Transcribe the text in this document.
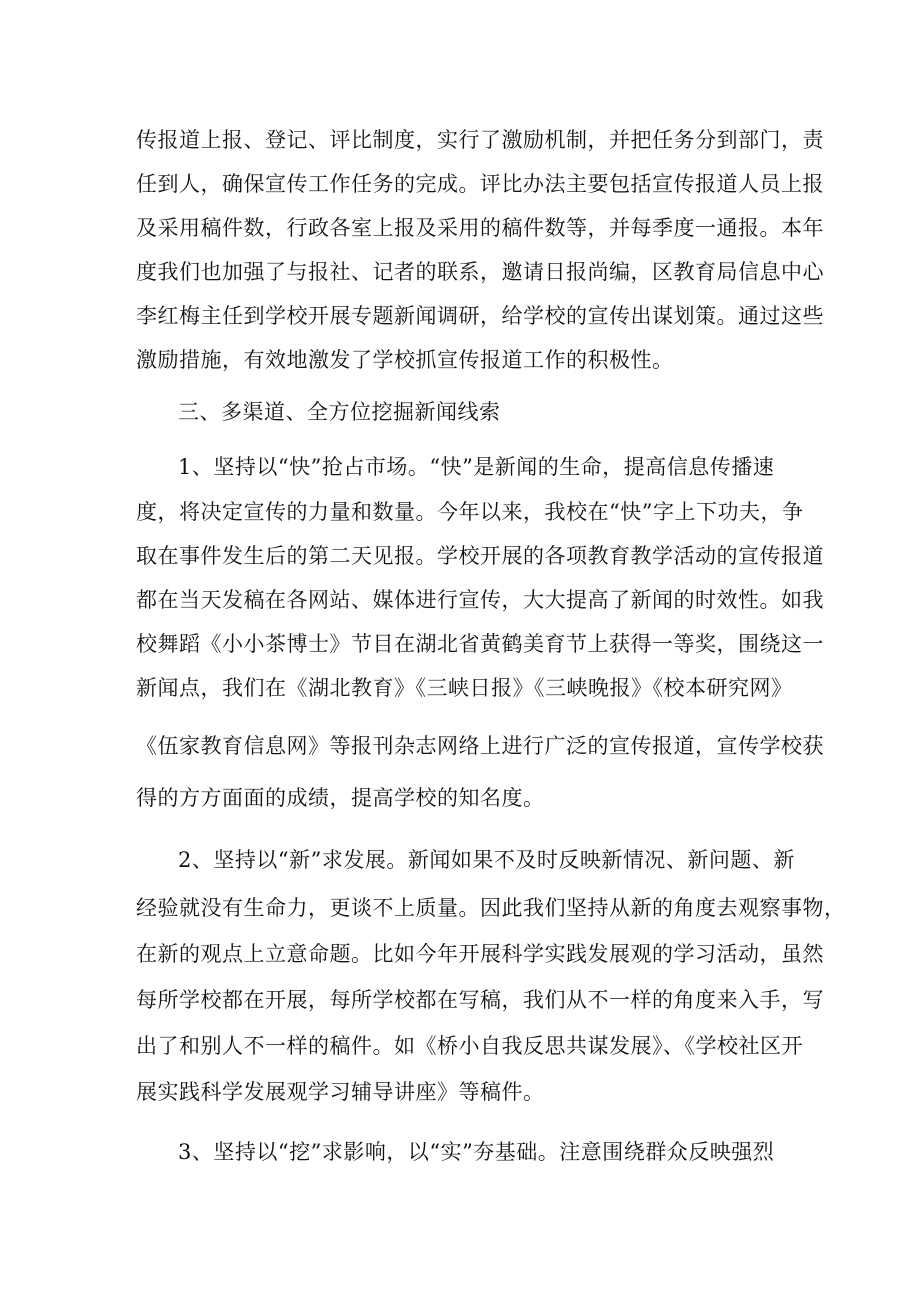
传报道上报、登记、评比制度，实行了激励机制，并把任务分到部门，责
任到人，确保宣传工作任务的完成。评比办法主要包括宣传报道人员上报
及采用稿件数，行政各室上报及采用的稿件数等，并每季度一通报。本年
度我们也加强了与报社、记者的联系，邀请日报尚编，区教育局信息中心
李红梅主任到学校开展专题新闻调研，给学校的宣传出谋划策。通过这些
激励措施，有效地激发了学校抓宣传报道工作的积极性。
三、多渠道、全方位挖掘新闻线索
1、坚持以“快”抢占市场。“快”是新闻的生命，提高信息传播速
度，将决定宣传的力量和数量。今年以来，我校在“快”字上下功夫，争
取在事件发生后的第二天见报。学校开展的各项教育教学活动的宣传报道
都在当天发稿在各网站、媒体进行宣传，大大提高了新闻的时效性。如我
校舞蹈《小小茶博士》节目在湖北省黄鹤美育节上获得一等奖，围绕这一
新闻点，我们在《湖北教育》《三峡日报》《三峡晚报》《校本研究网》
《伍家教育信息网》等报刊杂志网络上进行广泛的宣传报道，宣传学校获
得的方方面面的成绩，提高学校的知名度。
2、坚持以“新”求发展。新闻如果不及时反映新情况、新问题、新
经验就没有生命力，更谈不上质量。因此我们坚持从新的角度去观察事物，
在新的观点上立意命题。比如今年开展科学实践发展观的学习活动，虽然
每所学校都在开展，每所学校都在写稿，我们从不一样的角度来入手，写
出了和别人不一样的稿件。如《桥小自我反思共谋发展》、《学校社区开
展实践科学发展观学习辅导讲座》等稿件。
3、坚持以“挖”求影响，以“实”夯基础。注意围绕群众反映强烈
